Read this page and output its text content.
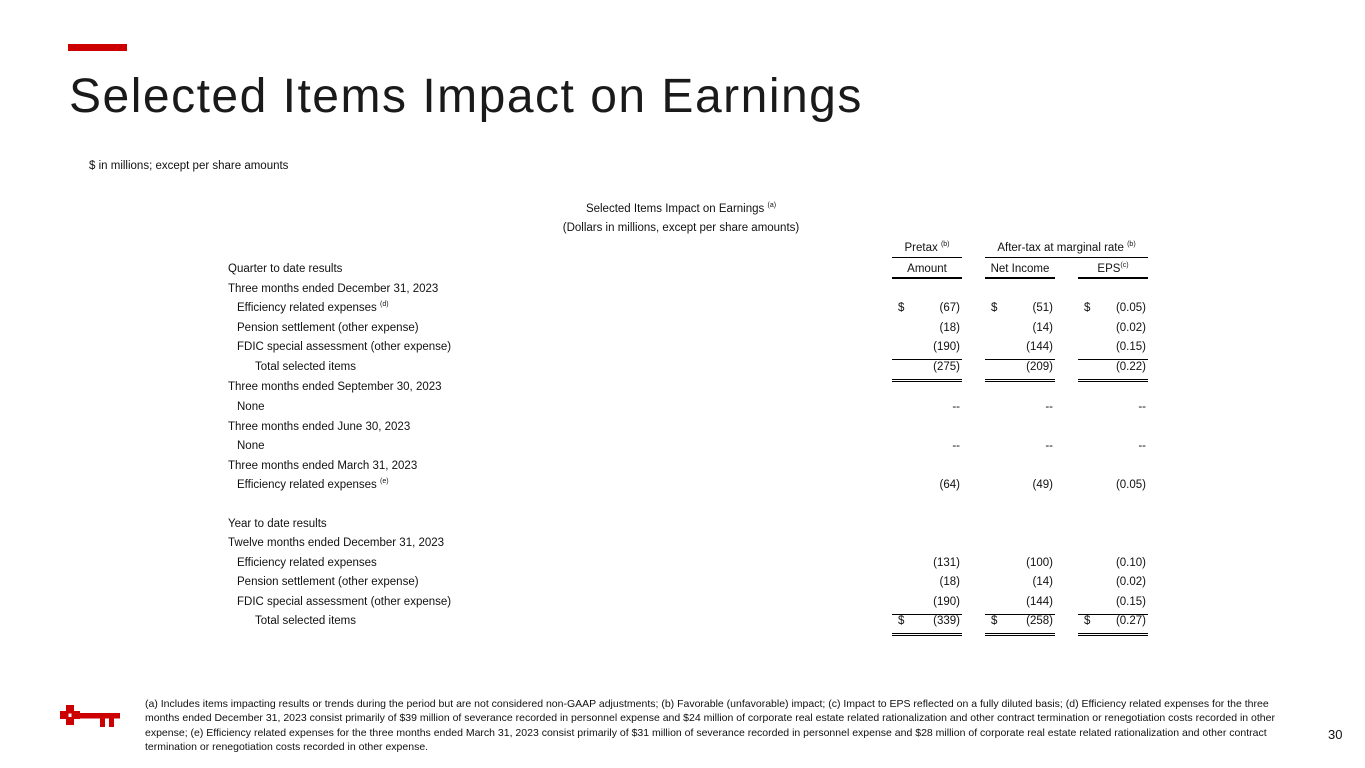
Selected Items Impact on Earnings
$ in millions; except per share amounts
Selected Items Impact on Earnings $^{(a)}$
(Dollars in millions, except per share amounts)
Pretax $^{(b)}$	After-tax at marginal rate $^{(b)}$
Quarter to date results	Amount	Net Income	EPS$^{(c)}$
Three months ended December 31, 2023
Efficiency related expenses $^{(d)}$	$	(67)	$	(51)	$ (0.05)
Pension settlement (other expense)	(18)	(14)	(0.02)
FDIC special assessment (other expense)	(190)	(144)	(0.15)
Total selected items	(275)	(209)	(0.22)
Three months ended September 30, 2023
None	--	--	--
Three months ended June 30, 2023
None	--	--	--
Three months ended March 31, 2023
Efficiency related expenses $^{(e)}$	(64)	(49)	(0.05)
Year to date results
Twelve months ended December 31, 2023
Efficiency related expenses	(131)	(100)	(0.10)
Pension settlement (other expense)	(18)	(14)	(0.02)
FDIC special assessment (other expense)	(190)	(144)	(0.15)
Total selected items	$ (339)	$ (258)	$ (0.27)
(a) Includes items impacting results or trends during the period but are not considered non-GAAP adjustments; (b) Favorable (unfavorable) impact; (c) Impact to EPS reflected on a fully diluted basis; (d) Efficiency related expenses for the three months ended December 31, 2023 consist primarily of $39 million of severance recorded in personnel expense and $24 million of corporate real estate related rationalization and other contract termination or renegotiation costs recorded in other expense; (e) Efficiency related expenses for the three months ended March 31, 2023 consist primarily of $31 million of severance recorded in personnel expense and $28 million of corporate real estate related rationalization and other contract termination or renegotiation costs recorded in other expense.
30
